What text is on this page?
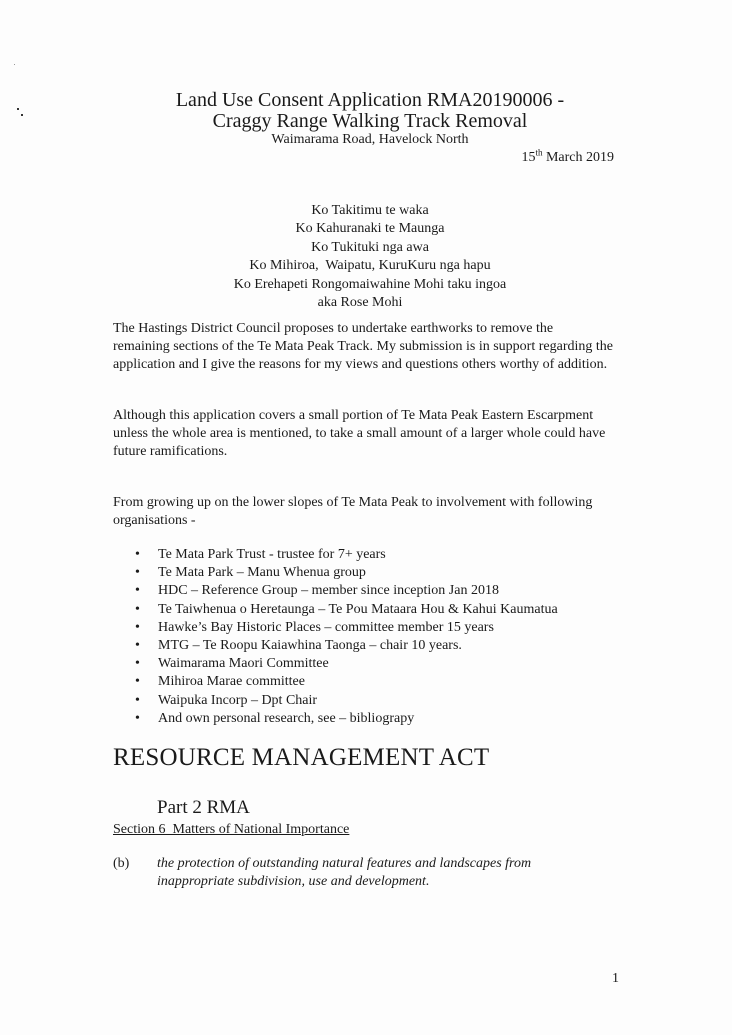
Land Use Consent Application RMA20190006 -
Craggy Range Walking Track Removal
Waimarama Road, Havelock North
15th March 2019
Ko Takitimu te waka
Ko Kahuranaki te Maunga
Ko Tukituki nga awa
Ko Mihiroa,  Waipatu, KuruKuru nga hapu
Ko Erehapeti Rongomaiwahine Mohi taku ingoa
aka Rose Mohi
The Hastings District Council proposes to undertake earthworks to remove the remaining sections of the Te Mata Peak Track. My submission is in support regarding the application and I give the reasons for my views and questions others worthy of addition.
Although this application covers a small portion of Te Mata Peak Eastern Escarpment unless the whole area is mentioned, to take a small amount of a larger whole could have future ramifications.
From growing up on the lower slopes of Te Mata Peak to involvement with following organisations -
• Te Mata Park Trust - trustee for 7+ years
• Te Mata Park – Manu Whenua group
• HDC – Reference Group – member since inception Jan 2018
• Te Taiwhenua o Heretaunga – Te Pou Mataara Hou & Kahui Kaumatua
• Hawke’s Bay Historic Places – committee member 15 years
• MTG – Te Roopu Kaiawhina Taonga – chair 10 years.
• Waimarama Maori Committee
• Mihiroa Marae committee
• Waipuka Incorp – Dpt Chair
• And own personal research, see – bibliograpy
RESOURCE MANAGEMENT ACT
Part 2 RMA
Section 6  Matters of National Importance
(b) the protection of outstanding natural features and landscapes from inappropriate subdivision, use and development.
1
